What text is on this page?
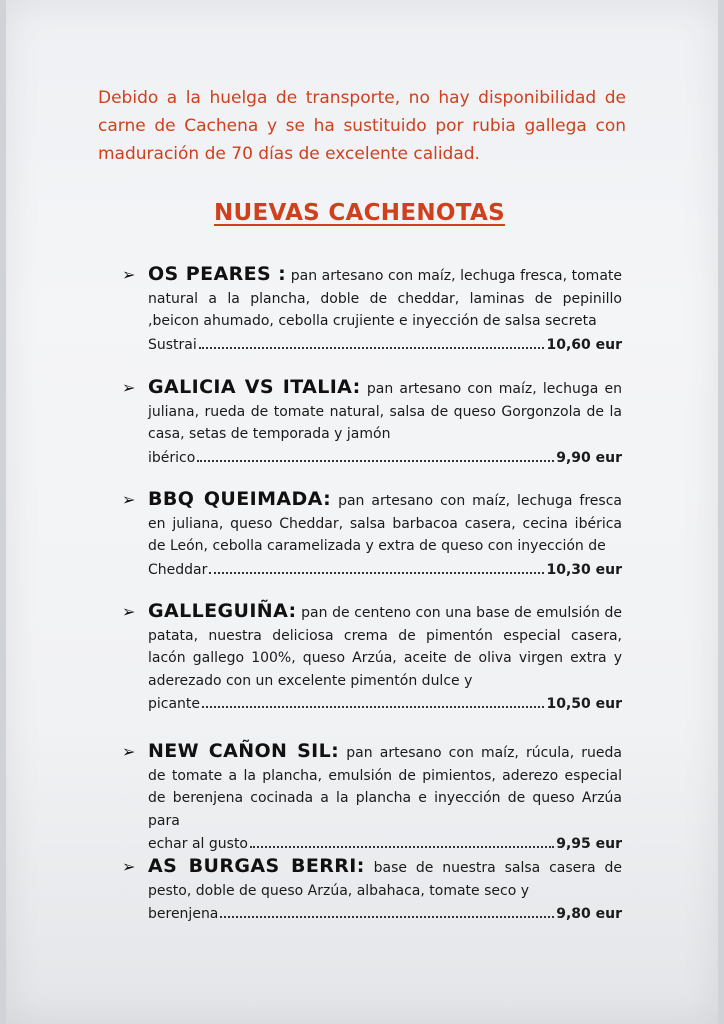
Debido a la huelga de transporte, no hay disponibilidad de carne de Cachena y se ha sustituido por rubia gallega con maduración de 70 días de excelente calidad.
NUEVAS CACHENOTAS
➢ OS PEARES : pan artesano con maíz, lechuga fresca, tomate natural a la plancha, doble de cheddar, laminas de pepinillo ,beicon ahumado, cebolla crujiente e inyección de salsa secreta
Sustrai	10,60 eur
➢ GALICIA VS ITALIA: pan artesano con maíz, lechuga en juliana, rueda de tomate natural, salsa de queso Gorgonzola de la casa, setas de temporada y jamón
ibérico	9,90 eur
➢ BBQ QUEIMADA: pan artesano con maíz, lechuga fresca en juliana, queso Cheddar, salsa barbacoa casera, cecina ibérica de León, cebolla caramelizada y extra de queso con inyección de
Cheddar	10,30 eur
➢ GALLEGUIÑA: pan de centeno con una base de emulsión de patata, nuestra deliciosa crema de pimentón especial casera, lacón gallego 100%, queso Arzúa, aceite de oliva virgen extra y aderezado con un excelente pimentón dulce y
picante	10,50 eur
➢ NEW CAÑON SIL: pan artesano con maíz, rúcula, rueda de tomate a la plancha, emulsión de pimientos, aderezo especial de berenjena cocinada a la plancha e inyección de queso Arzúa para
echar al gusto	9,95 eur
➢ AS BURGAS BERRI: base de nuestra salsa casera de pesto, doble de queso Arzúa, albahaca, tomate seco y
berenjena	9,80 eur
